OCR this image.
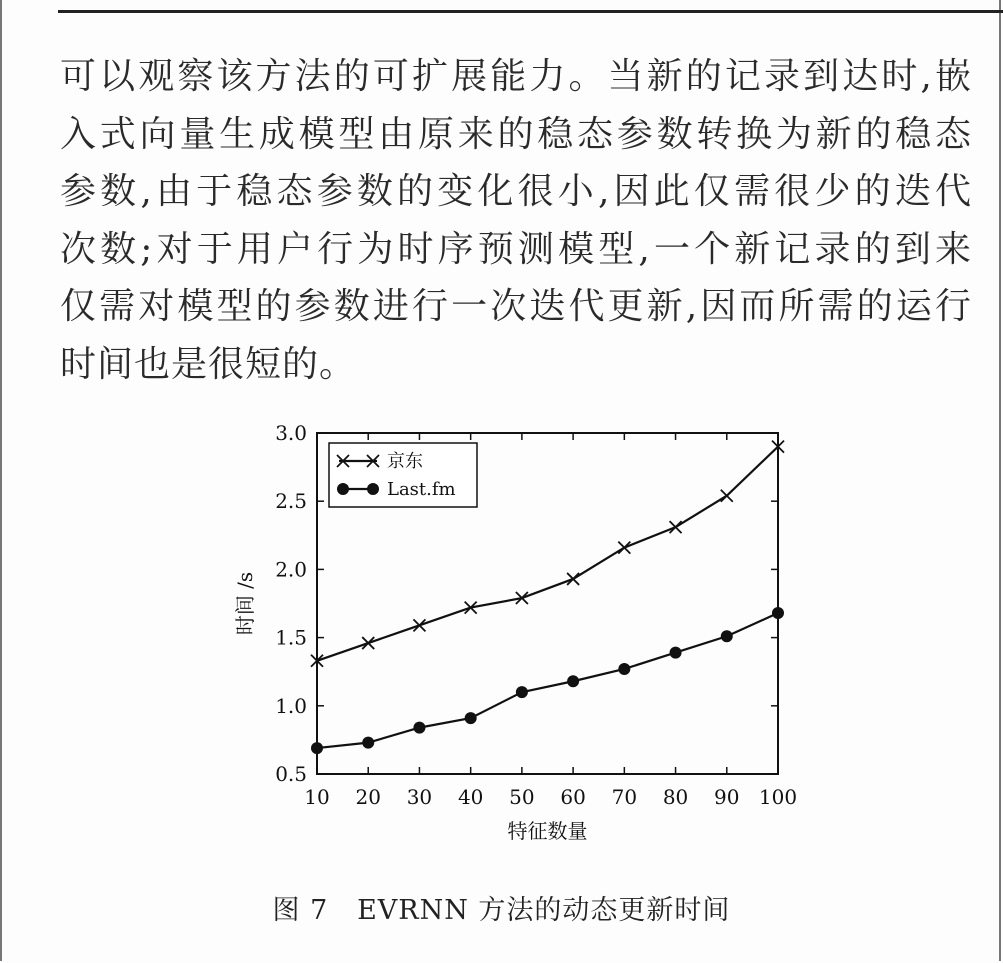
可以观察该方法的可扩展能力。当新的记录到达时,嵌
入式向量生成模型由原来的稳态参数转换为新的稳态
参数,由于稳态参数的变化很小,因此仅需很少的迭代
次数;对于用户行为时序预测模型,一个新记录的到来
仅需对模型的参数进行一次迭代更新,因而所需的运行
时间也是很短的。
10 20 30 40 50 60 70 80 90 100
0.5
1.0
1.5
2.0
2.5
3.0
特征数量
时间 /s
京东
Last.fm
图 7 EVRNN 方法的动态更新时间
